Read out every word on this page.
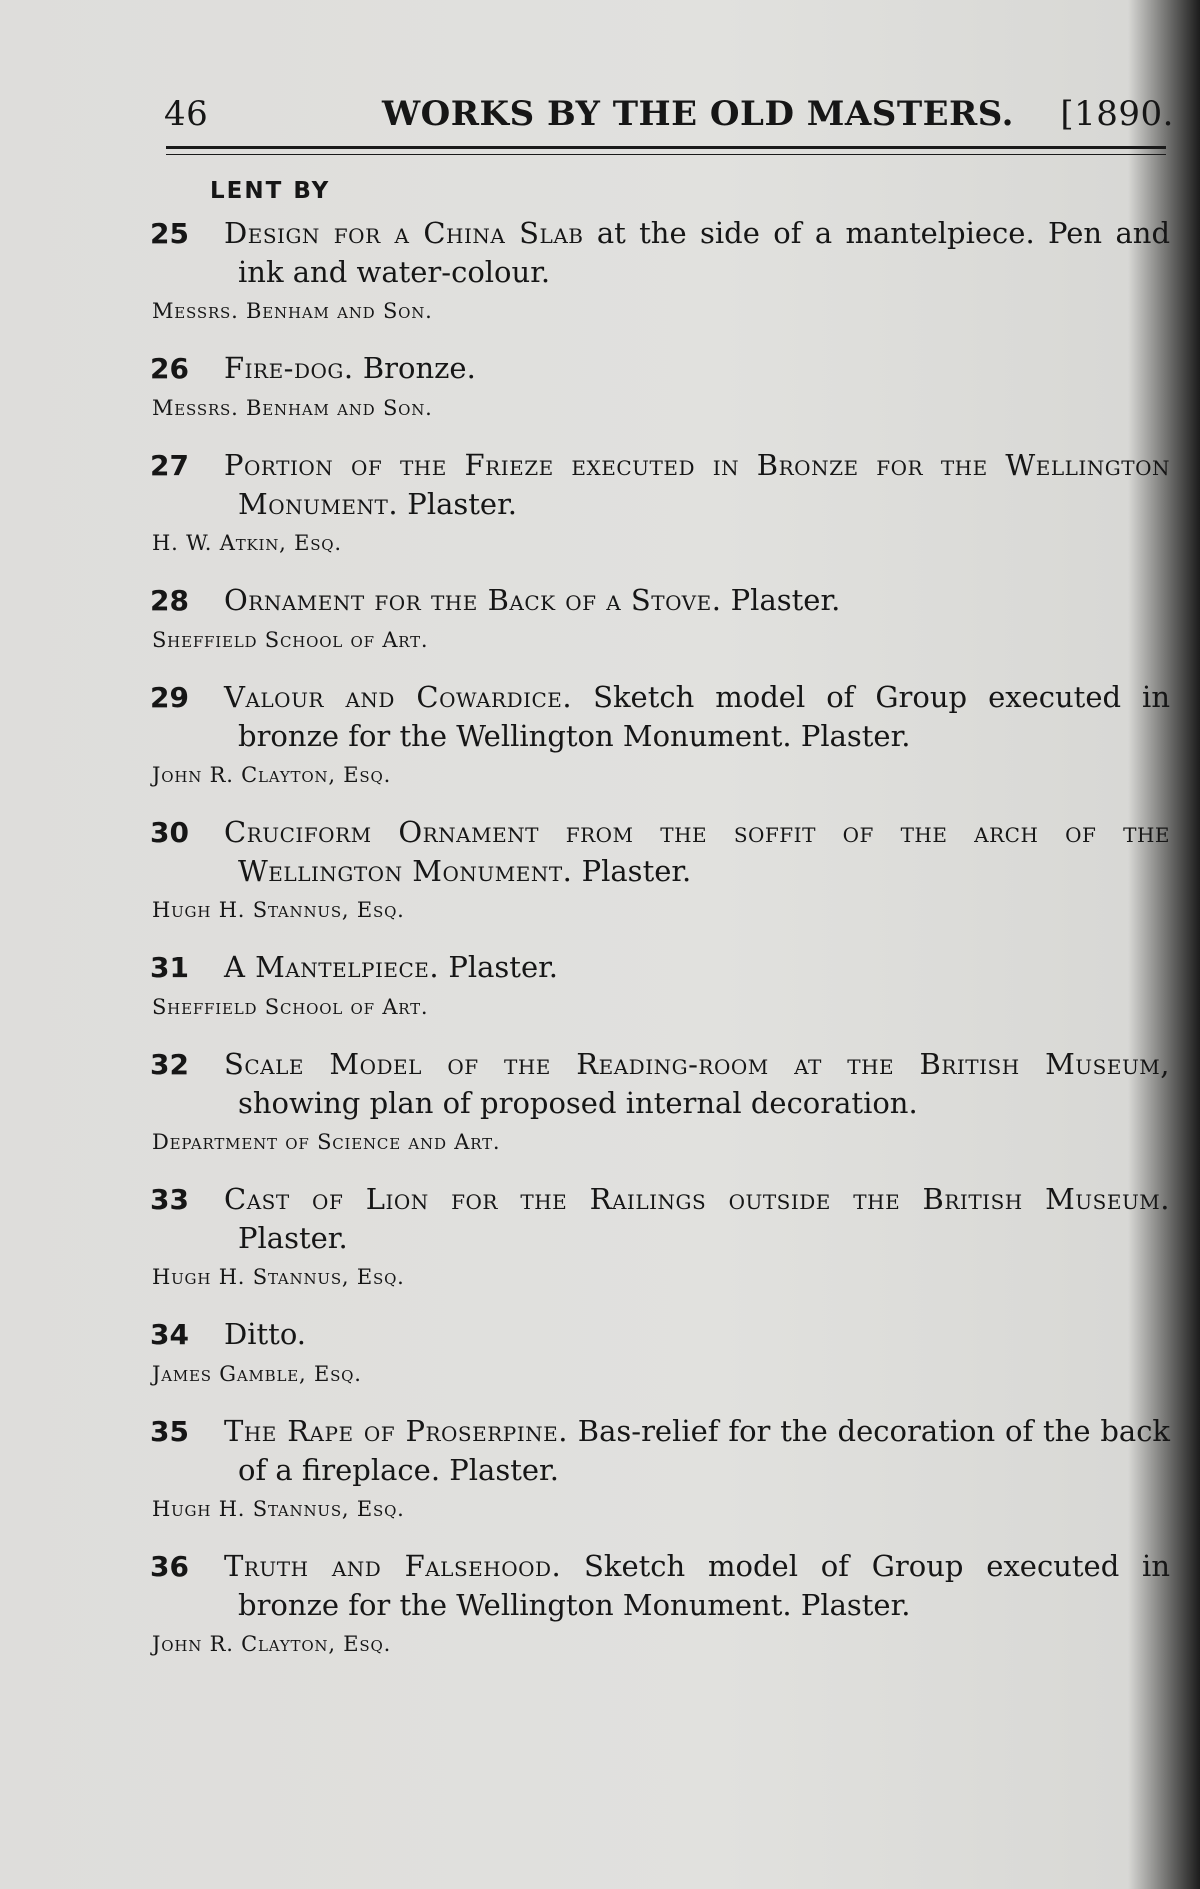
46	WORKS BY THE OLD MASTERS. [1890.
LENT BY
25 Design for a China Slab at the side of a mantelpiece. Pen and ink and water-colour.
Messrs. Benham and Son.
26 Fire-dog. Bronze.
Messrs. Benham and Son.
27 Portion of the Frieze executed in Bronze for the Wellington Monument. Plaster.
H. W. Atkin, Esq.
28 Ornament for the Back of a Stove. Plaster.
Sheffield School of Art.
29 Valour and Cowardice. Sketch model of Group executed in bronze for the Wellington Monument. Plaster.
John R. Clayton, Esq.
30 Cruciform Ornament from the soffit of the arch of the Wellington Monument. Plaster.
Hugh H. Stannus, Esq.
31 A Mantelpiece. Plaster.
Sheffield School of Art.
32 Scale Model of the Reading-room at the British Museum, showing plan of proposed internal decoration.
Department of Science and Art.
33 Cast of Lion for the Railings outside the British Museum. Plaster.
Hugh H. Stannus, Esq.
34 Ditto.
James Gamble, Esq.
35 The Rape of Proserpine. Bas-relief for the decoration of the back of a fireplace. Plaster.
Hugh H. Stannus, Esq.
36 Truth and Falsehood. Sketch model of Group executed in bronze for the Wellington Monument. Plaster.
John R. Clayton, Esq.
